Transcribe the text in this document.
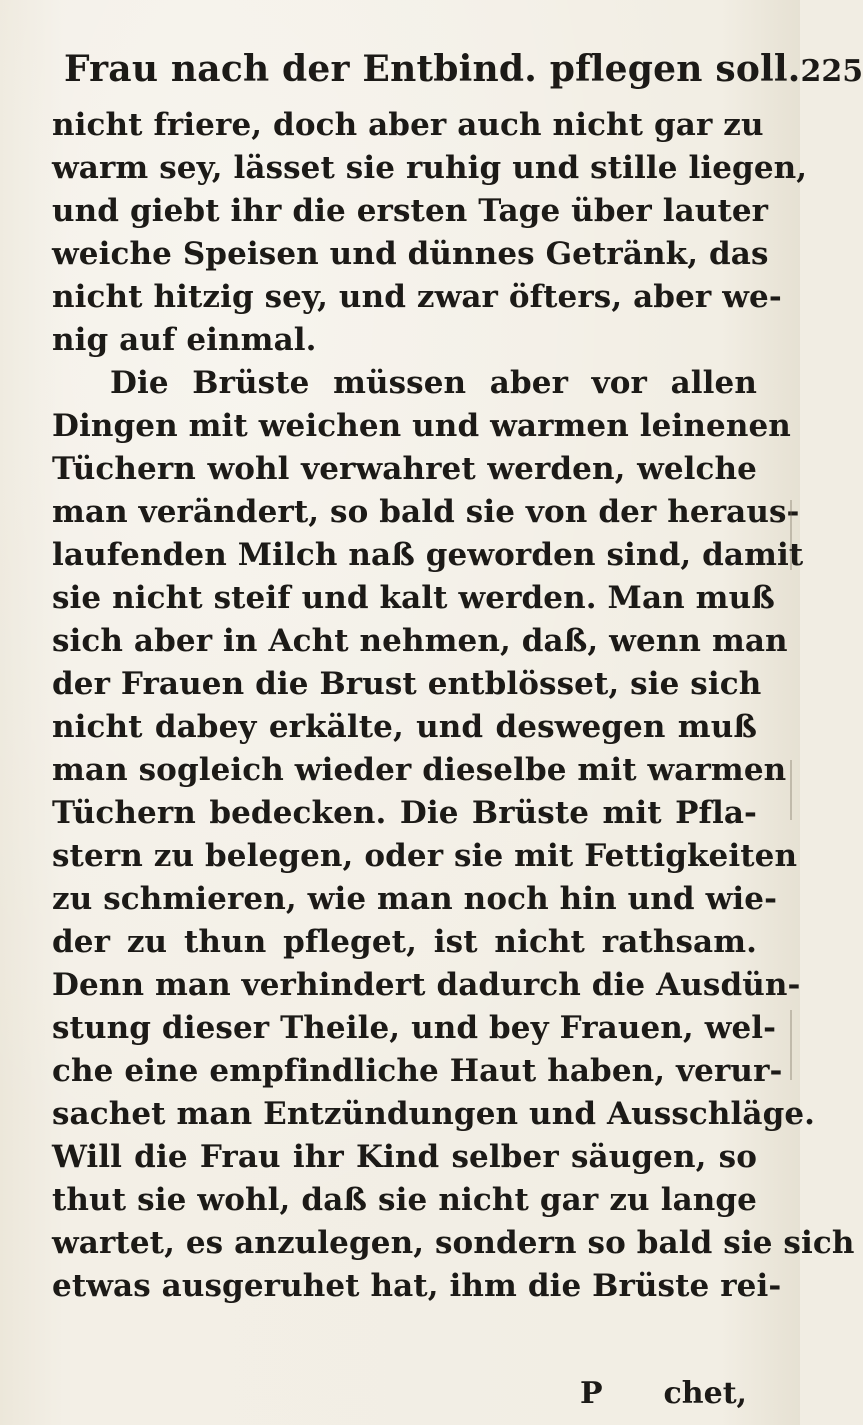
Frau nach der Entbind. pflegen soll. 225
nicht friere, doch aber auch nicht gar zu
warm sey, lässet sie ruhig und stille liegen,
und giebt ihr die ersten Tage über lauter
weiche Speisen und dünnes Getränk, das
nicht hitzig sey, und zwar öfters, aber we-
nig auf einmal.
Die Brüste müssen aber vor allen
Dingen mit weichen und warmen leinenen
Tüchern wohl verwahret werden, welche
man verändert, so bald sie von der heraus-
laufenden Milch naß geworden sind, damit
sie nicht steif und kalt werden. Man muß
sich aber in Acht nehmen, daß, wenn man
der Frauen die Brust entblösset, sie sich
nicht dabey erkälte, und deswegen muß
man sogleich wieder dieselbe mit warmen
Tüchern bedecken. Die Brüste mit Pfla-
stern zu belegen, oder sie mit Fettigkeiten
zu schmieren, wie man noch hin und wie-
der zu thun pfleget, ist nicht rathsam.
Denn man verhindert dadurch die Ausdün-
stung dieser Theile, und bey Frauen, wel-
che eine empfindliche Haut haben, verur-
sachet man Entzündungen und Ausschläge.
Will die Frau ihr Kind selber säugen, so
thut sie wohl, daß sie nicht gar zu lange
wartet, es anzulegen, sondern so bald sie sich
etwas ausgeruhet hat, ihm die Brüste rei-
P chet,
